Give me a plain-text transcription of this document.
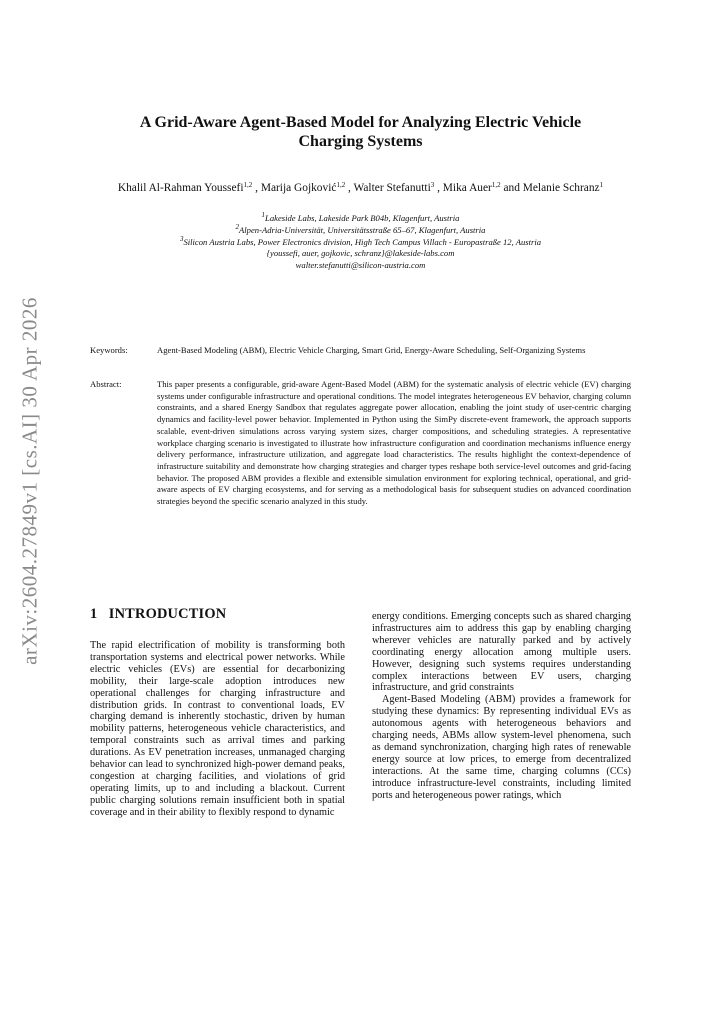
arXiv:2604.27849v1 [cs.AI] 30 Apr 2026
A Grid-Aware Agent-Based Model for Analyzing Electric Vehicle
Charging Systems
Khalil Al-Rahman Youssefi$^{1,2}$ , Marija Gojković$^{1,2}$ , Walter Stefanutti$^3$ , Mika Auer$^{1,2}$ and Melanie Schranz$^1$
$^1$Lakeside Labs, Lakeside Park B04b, Klagenfurt, Austria
$^2$Alpen-Adria-Universität, Universitätsstraße 65–67, Klagenfurt, Austria
$^3$Silicon Austria Labs, Power Electronics division, High Tech Campus Villach - Europastraße 12, Austria
{youssefi, auer, gojkovic, schranz}@lakeside-labs.com
walter.stefanutti@silicon-austria.com
Keywords:	Agent-Based Modeling (ABM), Electric Vehicle Charging, Smart Grid, Energy-Aware Scheduling, Self-Organizing Systems
Abstract:	This paper presents a configurable, grid-aware Agent-Based Model (ABM) for the systematic analysis of electric vehicle (EV) charging systems under configurable infrastructure and operational conditions. The model integrates heterogeneous EV behavior, charging column constraints, and a shared Energy Sandbox that regulates aggregate power allocation, enabling the joint study of user-centric charging dynamics and facility-level power behavior. Implemented in Python using the SimPy discrete-event framework, the approach supports scalable, event-driven simulations across varying system sizes, charger compositions, and scheduling strategies. A representative workplace charging scenario is investigated to illustrate how infrastructure configuration and coordination mechanisms influence energy delivery performance, infrastructure utilization, and aggregate load characteristics. The results highlight the context-dependence of infrastructure suitability and demonstrate how charging strategies and charger types reshape both service-level outcomes and grid-facing behavior. The proposed ABM provides a flexible and extensible simulation environment for exploring technical, operational, and grid-aware aspects of EV charging ecosystems, and for serving as a methodological basis for subsequent studies on advanced coordination strategies beyond the specific scenario analyzed in this study.
1   INTRODUCTION

The rapid electrification of mobility is transforming both transportation systems and electrical power networks. While electric vehicles (EVs) are essential for decarbonizing mobility, their large-scale adoption introduces new operational challenges for charging infrastructure and distribution grids. In contrast to conventional loads, EV charging demand is inherently stochastic, driven by human mobility patterns, heterogeneous vehicle characteristics, and temporal constraints such as arrival times and parking durations. As EV penetration increases, unmanaged charging behavior can lead to synchronized high-power demand peaks, congestion at charging facilities, and violations of grid operating limits, up to and including a blackout. Current public charging solutions remain insufficient both in spatial coverage and in their ability to flexibly respond to dynamic

energy conditions. Emerging concepts such as shared charging infrastructures aim to address this gap by enabling charging wherever vehicles are naturally parked and by actively coordinating energy allocation among multiple users. However, designing such systems requires understanding complex interactions between EV users, charging infrastructure, and grid constraints

Agent-Based Modeling (ABM) provides a framework for studying these dynamics: By representing individual EVs as autonomous agents with heterogeneous behaviors and charging needs, ABMs allow system-level phenomena, such as demand synchronization, charging high rates of renewable energy source at low prices, to emerge from decentralized interactions. At the same time, charging columns (CCs) introduce infrastructure-level constraints, including limited ports and heterogeneous power ratings, which
